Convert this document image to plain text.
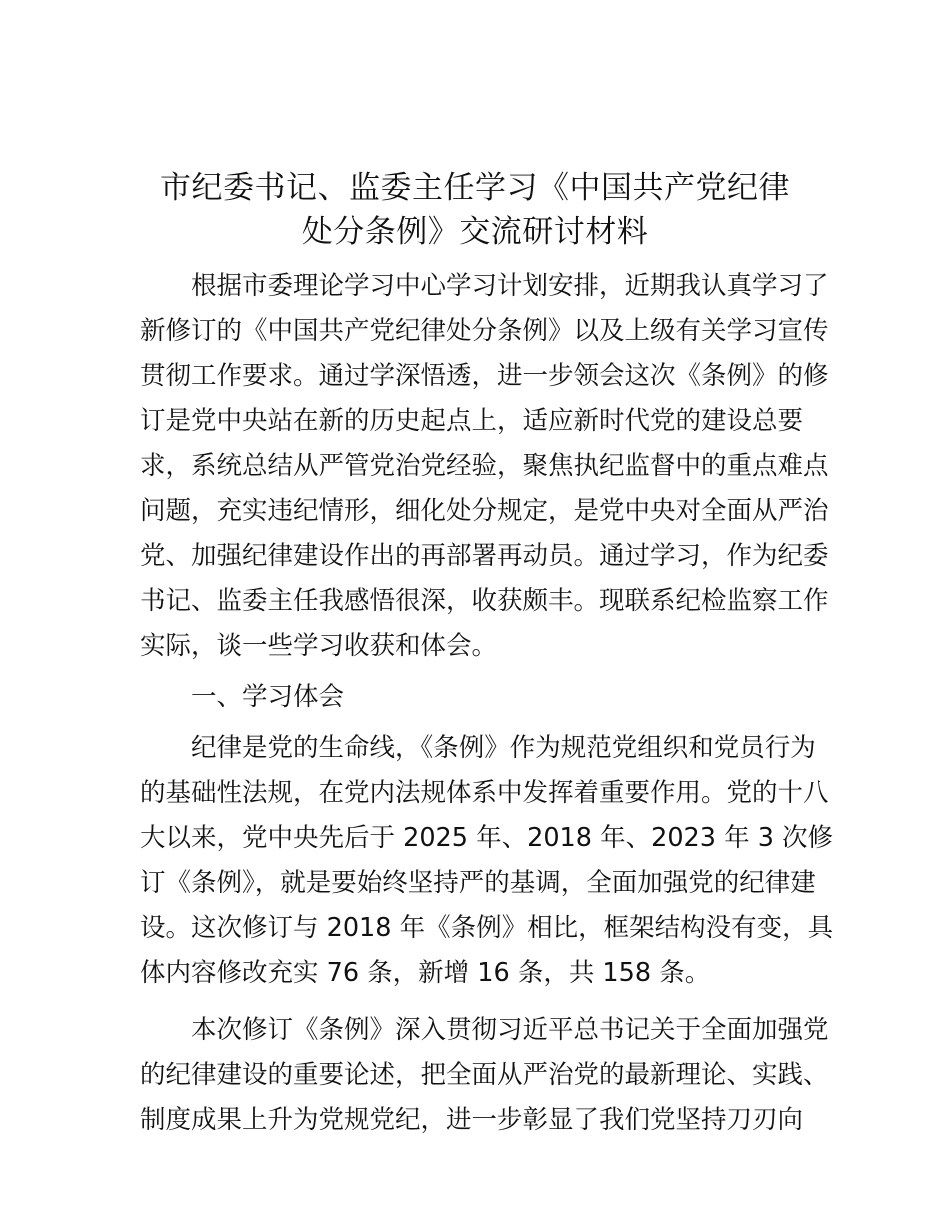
市纪委书记、监委主任学习《中国共产党纪律
处分条例》交流研讨材料
根据市委理论学习中心学习计划安排，近期我认真学习了
新修订的《中国共产党纪律处分条例》以及上级有关学习宣传
贯彻工作要求。通过学深悟透，进一步领会这次《条例》的修
订是党中央站在新的历史起点上，适应新时代党的建设总要
求，系统总结从严管党治党经验，聚焦执纪监督中的重点难点
问题，充实违纪情形，细化处分规定，是党中央对全面从严治
党、加强纪律建设作出的再部署再动员。通过学习，作为纪委
书记、监委主任我感悟很深，收获颇丰。现联系纪检监察工作
实际，谈一些学习收获和体会。
一、学习体会
纪律是党的生命线，《条例》作为规范党组织和党员行为
的基础性法规，在党内法规体系中发挥着重要作用。党的十八
大以来，党中央先后于 2025 年、2018 年、2023 年 3 次修
订《条例》，就是要始终坚持严的基调，全面加强党的纪律建
设。这次修订与 2018 年《条例》相比，框架结构没有变，具
体内容修改充实 76 条，新增 16 条，共 158 条。
本次修订《条例》深入贯彻习近平总书记关于全面加强党
的纪律建设的重要论述，把全面从严治党的最新理论、实践、
制度成果上升为党规党纪，进一步彰显了我们党坚持刀刃向
